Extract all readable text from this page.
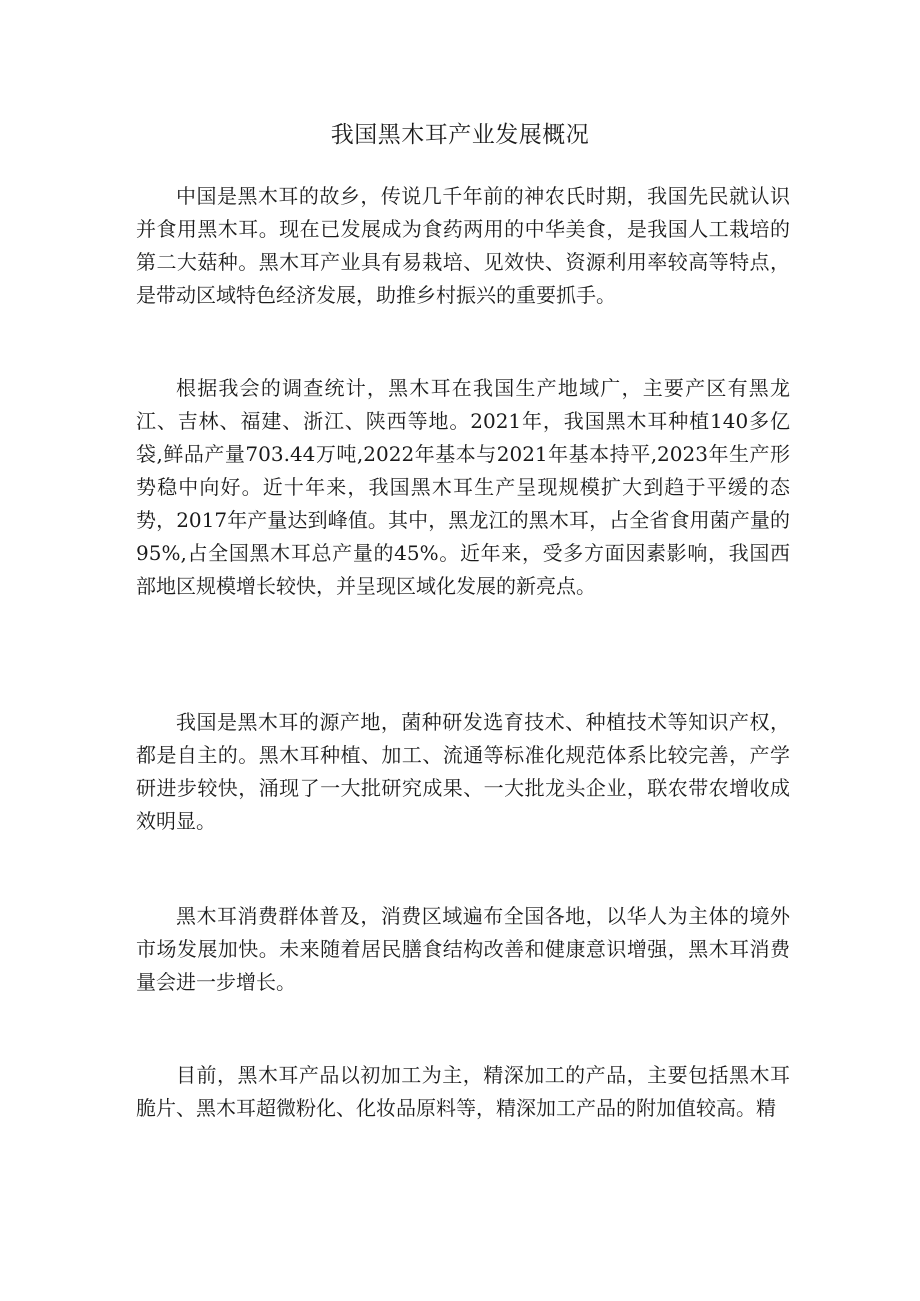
我国黑木耳产业发展概况

中国是黑木耳的故乡，传说几千年前的神农氏时期，我国先民就认识并食用黑木耳。现在已发展成为食药两用的中华美食，是我国人工栽培的第二大菇种。黑木耳产业具有易栽培、见效快、资源利用率较高等特点，是带动区域特色经济发展，助推乡村振兴的重要抓手。

根据我会的调查统计，黑木耳在我国生产地域广，主要产区有黑龙江、吉林、福建、浙江、陕西等地。2021年，我国黑木耳种植140多亿袋,鲜品产量703.44万吨,2022年基本与2021年基本持平,2023年生产形势稳中向好。近十年来，我国黑木耳生产呈现规模扩大到趋于平缓的态势，2017年产量达到峰值。其中，黑龙江的黑木耳，占全省食用菌产量的95%,占全国黑木耳总产量的45%。近年来，受多方面因素影响，我国西部地区规模增长较快，并呈现区域化发展的新亮点。

我国是黑木耳的源产地，菌种研发选育技术、种植技术等知识产权，都是自主的。黑木耳种植、加工、流通等标准化规范体系比较完善，产学研进步较快，涌现了一大批研究成果、一大批龙头企业，联农带农增收成效明显。

黑木耳消费群体普及，消费区域遍布全国各地，以华人为主体的境外市场发展加快。未来随着居民膳食结构改善和健康意识增强，黑木耳消费量会进一步增长。

目前，黑木耳产品以初加工为主，精深加工的产品，主要包括黑木耳脆片、黑木耳超微粉化、化妆品原料等，精深加工产品的附加值较高。精
